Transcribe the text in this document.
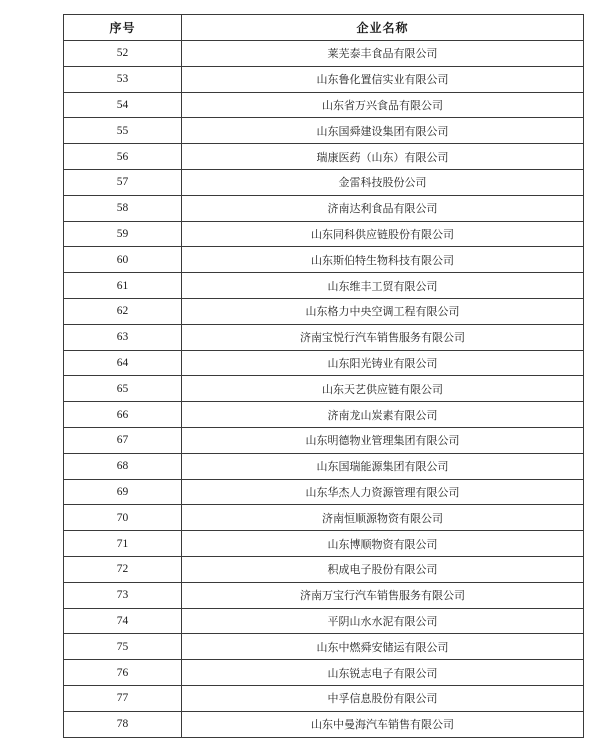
序号	企业名称
52	莱芜泰丰食品有限公司
53	山东鲁化置信实业有限公司
54	山东省万兴食品有限公司
55	山东国舜建设集团有限公司
56	瑞康医药（山东）有限公司
57	金雷科技股份公司
58	济南达利食品有限公司
59	山东同科供应链股份有限公司
60	山东斯伯特生物科技有限公司
61	山东维丰工贸有限公司
62	山东格力中央空调工程有限公司
63	济南宝悦行汽车销售服务有限公司
64	山东阳光铸业有限公司
65	山东天艺供应链有限公司
66	济南龙山炭素有限公司
67	山东明德物业管理集团有限公司
68	山东国瑞能源集团有限公司
69	山东华杰人力资源管理有限公司
70	济南恒顺源物资有限公司
71	山东博顺物资有限公司
72	积成电子股份有限公司
73	济南万宝行汽车销售服务有限公司
74	平阴山水水泥有限公司
75	山东中燃舜安储运有限公司
76	山东锐志电子有限公司
77	中孚信息股份有限公司
78	山东中曼海汽车销售有限公司
